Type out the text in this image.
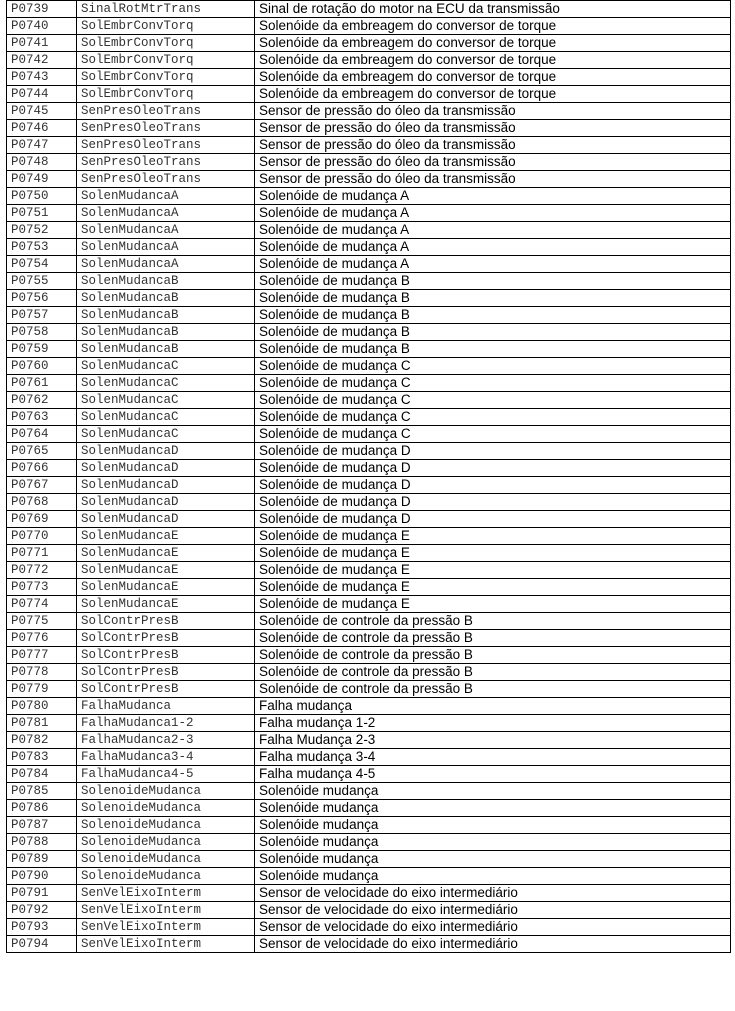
P0739	SinalRotMtrTrans	Sinal de rotação do motor na ECU da transmissão
P0740	SolEmbrConvTorq	Solenóide da embreagem do conversor de torque
P0741	SolEmbrConvTorq	Solenóide da embreagem do conversor de torque
P0742	SolEmbrConvTorq	Solenóide da embreagem do conversor de torque
P0743	SolEmbrConvTorq	Solenóide da embreagem do conversor de torque
P0744	SolEmbrConvTorq	Solenóide da embreagem do conversor de torque
P0745	SenPresOleoTrans	Sensor de pressão do óleo da transmissão
P0746	SenPresOleoTrans	Sensor de pressão do óleo da transmissão
P0747	SenPresOleoTrans	Sensor de pressão do óleo da transmissão
P0748	SenPresOleoTrans	Sensor de pressão do óleo da transmissão
P0749	SenPresOleoTrans	Sensor de pressão do óleo da transmissão
P0750	SolenMudancaA	Solenóide de mudança A
P0751	SolenMudancaA	Solenóide de mudança A
P0752	SolenMudancaA	Solenóide de mudança A
P0753	SolenMudancaA	Solenóide de mudança A
P0754	SolenMudancaA	Solenóide de mudança A
P0755	SolenMudancaB	Solenóide de mudança B
P0756	SolenMudancaB	Solenóide de mudança B
P0757	SolenMudancaB	Solenóide de mudança B
P0758	SolenMudancaB	Solenóide de mudança B
P0759	SolenMudancaB	Solenóide de mudança B
P0760	SolenMudancaC	Solenóide de mudança C
P0761	SolenMudancaC	Solenóide de mudança C
P0762	SolenMudancaC	Solenóide de mudança C
P0763	SolenMudancaC	Solenóide de mudança C
P0764	SolenMudancaC	Solenóide de mudança C
P0765	SolenMudancaD	Solenóide de mudança D
P0766	SolenMudancaD	Solenóide de mudança D
P0767	SolenMudancaD	Solenóide de mudança D
P0768	SolenMudancaD	Solenóide de mudança D
P0769	SolenMudancaD	Solenóide de mudança D
P0770	SolenMudancaE	Solenóide de mudança E
P0771	SolenMudancaE	Solenóide de mudança E
P0772	SolenMudancaE	Solenóide de mudança E
P0773	SolenMudancaE	Solenóide de mudança E
P0774	SolenMudancaE	Solenóide de mudança E
P0775	SolContrPresB	Solenóide de controle da pressão B
P0776	SolContrPresB	Solenóide de controle da pressão B
P0777	SolContrPresB	Solenóide de controle da pressão B
P0778	SolContrPresB	Solenóide de controle da pressão B
P0779	SolContrPresB	Solenóide de controle da pressão B
P0780	FalhaMudanca	Falha mudança
P0781	FalhaMudanca1-2	Falha mudança 1-2
P0782	FalhaMudanca2-3	Falha Mudança 2-3
P0783	FalhaMudanca3-4	Falha mudança 3-4
P0784	FalhaMudanca4-5	Falha mudança 4-5
P0785	SolenoideMudanca	Solenóide mudança
P0786	SolenoideMudanca	Solenóide mudança
P0787	SolenoideMudanca	Solenóide mudança
P0788	SolenoideMudanca	Solenóide mudança
P0789	SolenoideMudanca	Solenóide mudança
P0790	SolenoideMudanca	Solenóide mudança
P0791	SenVelEixoInterm	Sensor de velocidade do eixo intermediário
P0792	SenVelEixoInterm	Sensor de velocidade do eixo intermediário
P0793	SenVelEixoInterm	Sensor de velocidade do eixo intermediário
P0794	SenVelEixoInterm	Sensor de velocidade do eixo intermediário
